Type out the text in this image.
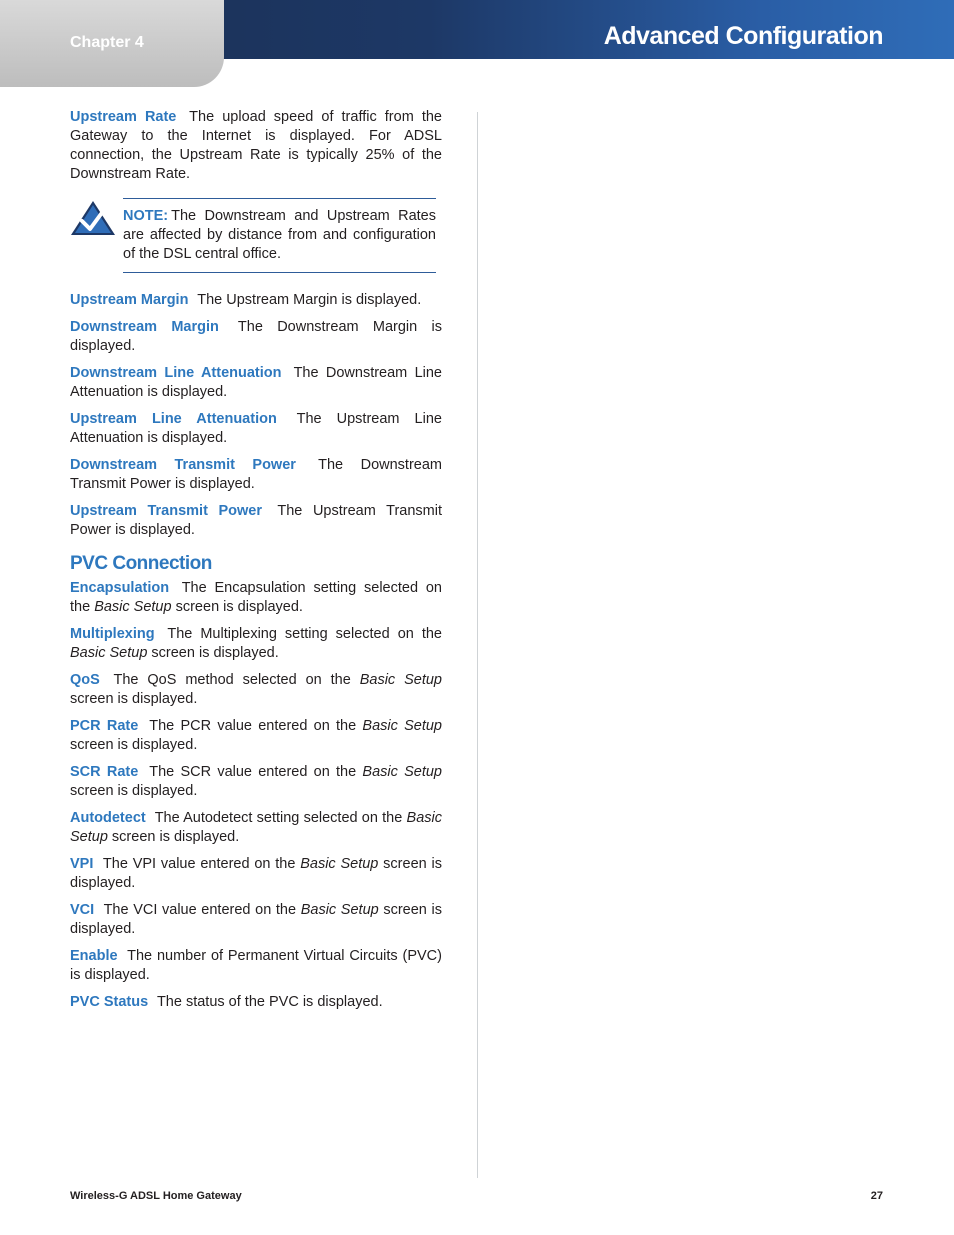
Chapter 4	Advanced Configuration

Upstream Rate The upload speed of traffic from the Gateway to the Internet is displayed. For ADSL connection, the Upstream Rate is typically 25% of the Downstream Rate.

NOTE: The Downstream and Upstream Rates are affected by distance from and configuration of the DSL central office.

Upstream Margin The Upstream Margin is displayed.

Downstream Margin The Downstream Margin is displayed.

Downstream Line Attenuation The Downstream Line Attenuation is displayed.

Upstream Line Attenuation The Upstream Line Attenuation is displayed.

Downstream Transmit Power The Downstream Transmit Power is displayed.

Upstream Transmit Power The Upstream Transmit Power is displayed.

PVC Connection

Encapsulation The Encapsulation setting selected on the Basic Setup screen is displayed.

Multiplexing The Multiplexing setting selected on the Basic Setup screen is displayed.

QoS The QoS method selected on the Basic Setup screen is displayed.

PCR Rate The PCR value entered on the Basic Setup screen is displayed.

SCR Rate The SCR value entered on the Basic Setup screen is displayed.

Autodetect The Autodetect setting selected on the Basic Setup screen is displayed.

VPI The VPI value entered on the Basic Setup screen is displayed.

VCI The VCI value entered on the Basic Setup screen is displayed.

Enable The number of Permanent Virtual Circuits (PVC) is displayed.

PVC Status The status of the PVC is displayed.

Wireless-G ADSL Home Gateway	27
